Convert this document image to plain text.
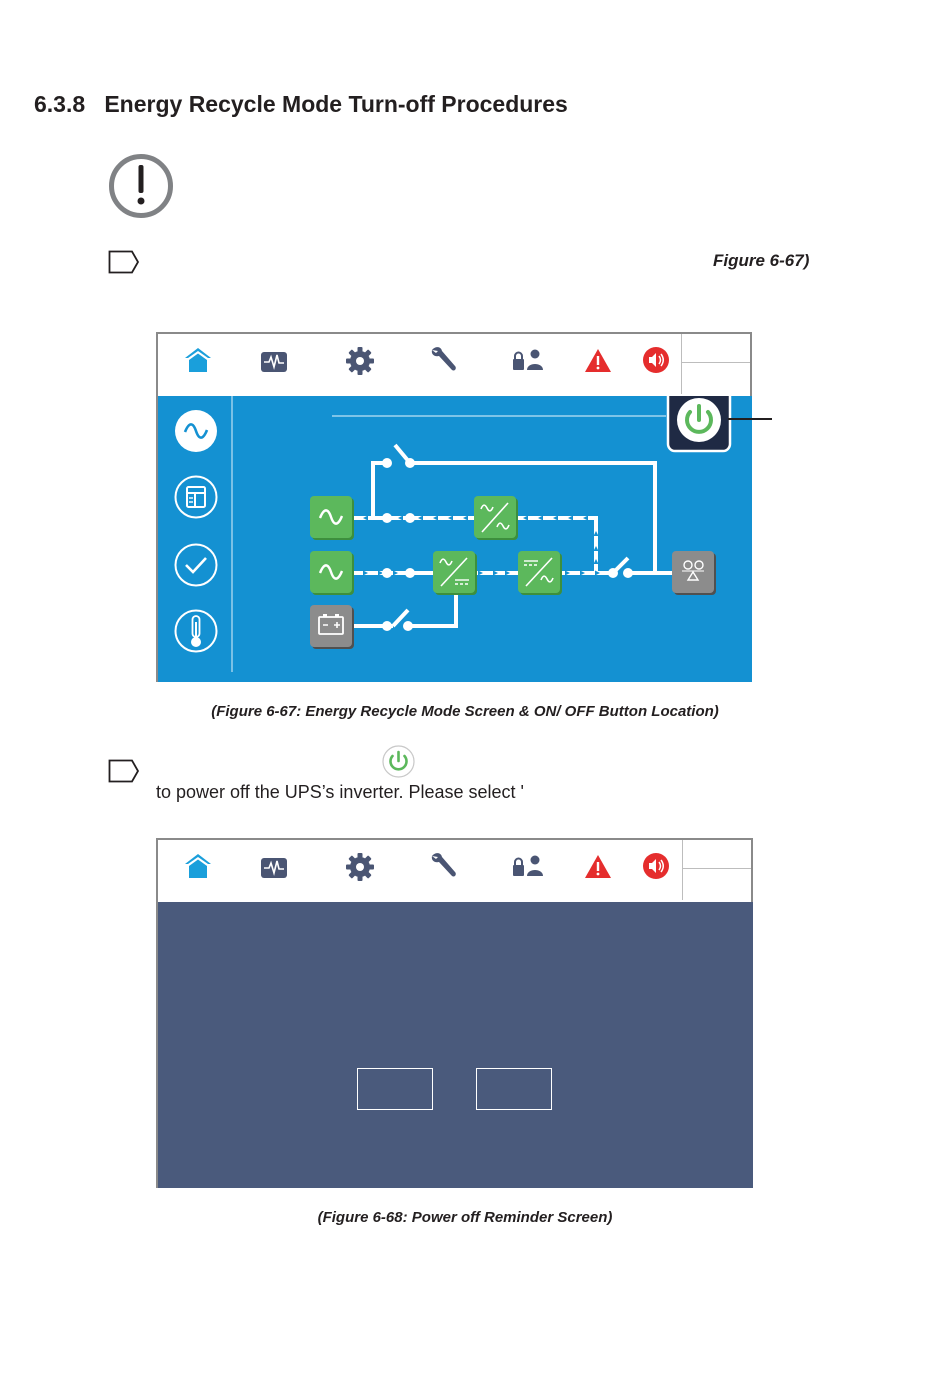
6.3.8 Energy Recycle Mode Turn-off Procedures
Figure 6-67)
(Figure 6-67: Energy Recycle Mode Screen & ON/ OFF Button Location)
to power off the UPS’s inverter. Please select '
(Figure 6-68: Power off Reminder Screen)
